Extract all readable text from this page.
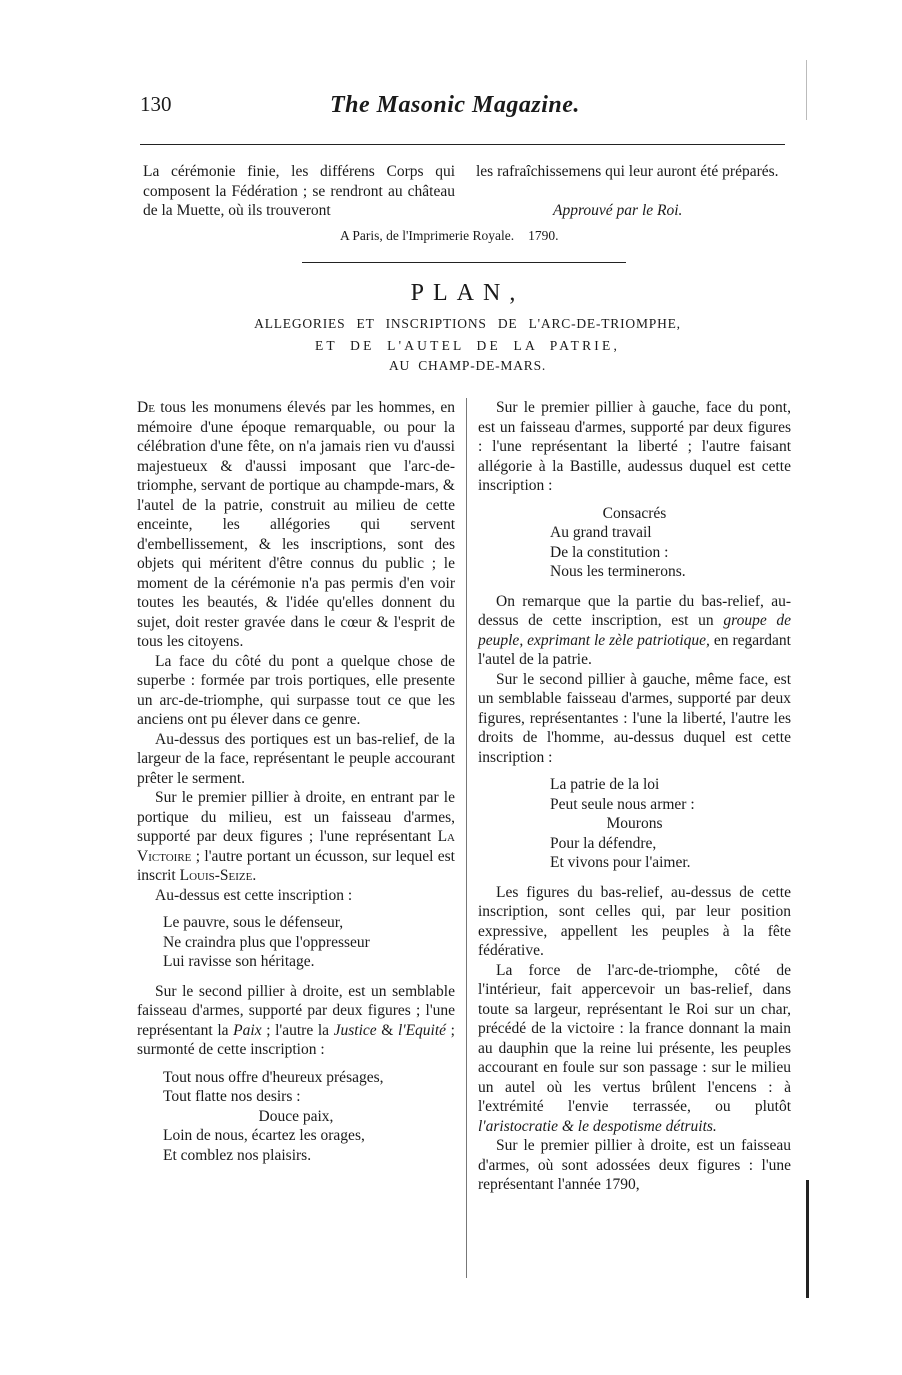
130	The Masonic Magazine.
La cérémonie finie, les différens Corps qui composent la Fédération ; se rendront au château de la Muette, où ils trouveront
les rafraîchissemens qui leur auront été préparés.
Approuvé par le Roi.
A Paris, de l'Imprimerie Royale. 1790.
PLAN,
ALLEGORIES ET INSCRIPTIONS DE L'ARC-DE-TRIOMPHE,
ET DE L'AUTEL DE LA PATRIE,
AU CHAMP-DE-MARS.

De tous les monumens élevés par les hommes, en mémoire d'une époque remarquable, ou pour la célébration d'une fête, on n'a jamais rien vu d'aussi majestueux & d'aussi imposant que l'arc-de-triomphe, servant de portique au champde-mars, & l'autel de la patrie, construit au milieu de cette enceinte, les allégories qui servent d'embellissement, & les inscriptions, sont des objets qui méritent d'être connus du public ; le moment de la cérémonie n'a pas permis d'en voir toutes les beautés, & l'idée qu'elles donnent du sujet, doit rester gravée dans le cœur & l'esprit de tous les citoyens.

La face du côté du pont a quelque chose de superbe : formée par trois portiques, elle presente un arc-de-triomphe, qui surpasse tout ce que les anciens ont pu élever dans ce genre.

Au-dessus des portiques est un bas-relief, de la largeur de la face, représentant le peuple accourant prêter le serment.

Sur le premier pillier à droite, en entrant par le portique du milieu, est un faisseau d'armes, supporté par deux figures ; l'une représentant La Victoire ; l'autre portant un écusson, sur lequel est inscrit Louis-Seize.

Au-dessus est cette inscription :

Le pauvre, sous le défenseur,
Ne craindra plus que l'oppresseur
Lui ravisse son héritage.

Sur le second pillier à droite, est un semblable faisseau d'armes, supporté par deux figures ; l'une représentant la Paix ; l'autre la Justice & l'Equité ; surmonté de cette inscription :

Tout nous offre d'heureux présages,
Tout flatte nos desirs :
Douce paix,
Loin de nous, écartez les orages,
Et comblez nos plaisirs.

Sur le premier pillier à gauche, face du pont, est un faisseau d'armes, supporté par deux figures : l'une représentant la liberté ; l'autre faisant allégorie à la Bastille, audessus duquel est cette inscription :

Consacrés
Au grand travail
De la constitution :
Nous les terminerons.

On remarque que la partie du bas-relief, au-dessus de cette inscription, est un groupe de peuple, exprimant le zèle patriotique, en regardant l'autel de la patrie.

Sur le second pillier à gauche, même face, est un semblable faisseau d'armes, supporté par deux figures, représentantes : l'une la liberté, l'autre les droits de l'homme, au-dessus duquel est cette inscription :

La patrie de la loi
Peut seule nous armer :
Mourons
Pour la défendre,
Et vivons pour l'aimer.

Les figures du bas-relief, au-dessus de cette inscription, sont celles qui, par leur position expressive, appellent les peuples à la fête fédérative.

La force de l'arc-de-triomphe, côté de l'intérieur, fait appercevoir un bas-relief, dans toute sa largeur, représentant le Roi sur un char, précédé de la victoire : la france donnant la main au dauphin que la reine lui présente, les peuples accourant en foule sur son passage : sur le milieu un autel où les vertus brûlent l'encens : à l'extrémité l'envie terrassée, ou plutôt l'aristocratie & le despotisme détruits.

Sur le premier pillier à droite, est un faisseau d'armes, où sont adossées deux figures : l'une représentant l'année 1790,
